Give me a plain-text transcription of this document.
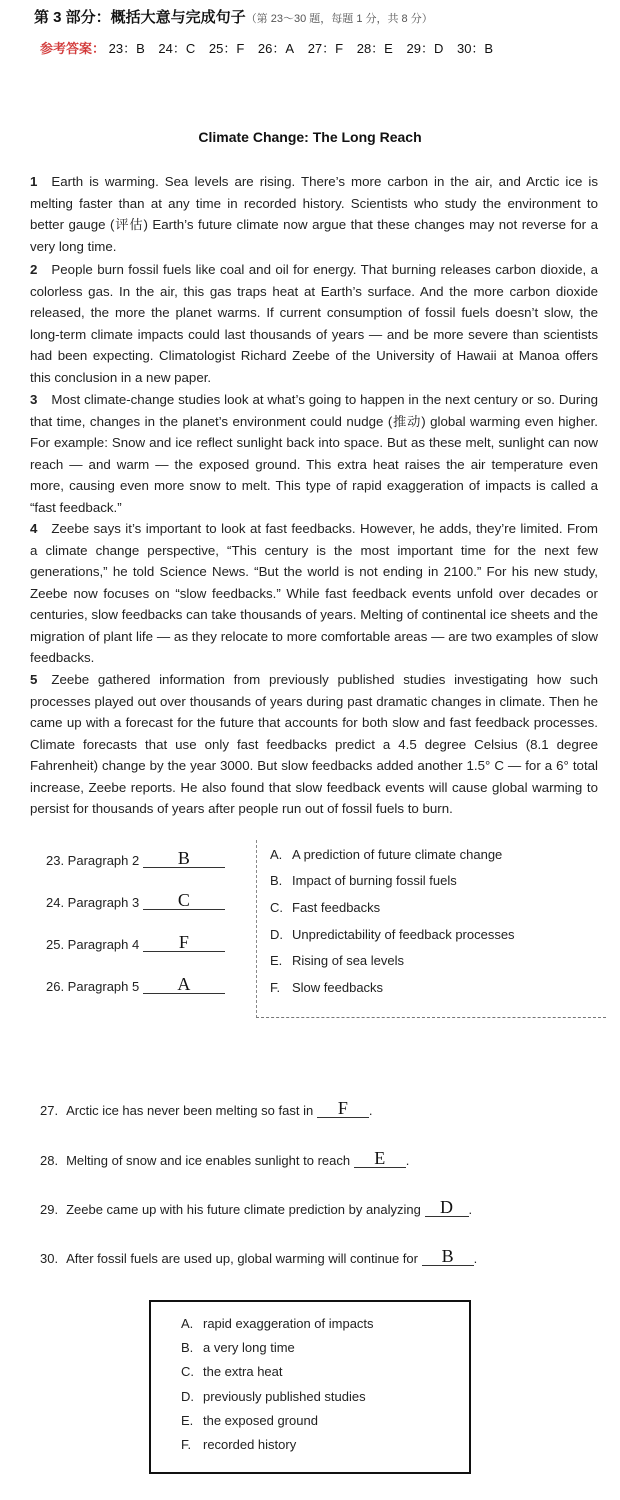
第 3 部分：概括大意与完成句子（第 23～30 题，每题 1 分，共 8 分）
参考答案： 23：B 24：C 25：F 26：A 27：F 28：E 29：D 30：B
Climate Change: The Long Reach
1 Earth is warming. Sea levels are rising. There’s more carbon in the air, and Arctic ice is melting faster than at any time in recorded history. Scientists who study the environment to better gauge (评估) Earth’s future climate now argue that these changes may not reverse for a very long time.
2 People burn fossil fuels like coal and oil for energy. That burning releases carbon dioxide, a colorless gas. In the air, this gas traps heat at Earth’s surface. And the more carbon dioxide released, the more the planet warms. If current consumption of fossil fuels doesn’t slow, the long-term climate impacts could last thousands of years — and be more severe than scientists had been expecting. Climatologist Richard Zeebe of the University of Hawaii at Manoa offers this conclusion in a new paper.
3 Most climate-change studies look at what’s going to happen in the next century or so. During that time, changes in the planet’s environment could nudge (推动) global warming even higher. For example: Snow and ice reflect sunlight back into space. But as these melt, sunlight can now reach — and warm — the exposed ground. This extra heat raises the air temperature even more, causing even more snow to melt. This type of rapid exaggeration of impacts is called a “fast feedback.”
4 Zeebe says it’s important to look at fast feedbacks. However, he adds, they’re limited. From a climate change perspective, “This century is the most important time for the next few generations,” he told Science News. “But the world is not ending in 2100.” For his new study, Zeebe now focuses on “slow feedbacks.” While fast feedback events unfold over decades or centuries, slow feedbacks can take thousands of years. Melting of continental ice sheets and the migration of plant life — as they relocate to more comfortable areas — are two examples of slow feedbacks.
5 Zeebe gathered information from previously published studies investigating how such processes played out over thousands of years during past dramatic changes in climate. Then he came up with a forecast for the future that accounts for both slow and fast feedback processes. Climate forecasts that use only fast feedbacks predict a 4.5 degree Celsius (8.1 degree Fahrenheit) change by the year 3000. But slow feedbacks added another 1.5° C — for a 6° total increase, Zeebe reports. He also found that slow feedback events will cause global warming to persist for thousands of years after people run out of fossil fuels to burn.
23. Paragraph 2 B
24. Paragraph 3 C
25. Paragraph 4 F
26. Paragraph 5 A
A. A prediction of future climate change
B. Impact of burning fossil fuels
C. Fast feedbacks
D. Unpredictability of feedback processes
E. Rising of sea levels
F. Slow feedbacks
27. Arctic ice has never been melting so fast in F .
28. Melting of snow and ice enables sunlight to reach E .
29. Zeebe came up with his future climate prediction by analyzing D .
30. After fossil fuels are used up, global warming will continue for B .
A. rapid exaggeration of impacts
B. a very long time
C. the extra heat
D. previously published studies
E. the exposed ground
F. recorded history
